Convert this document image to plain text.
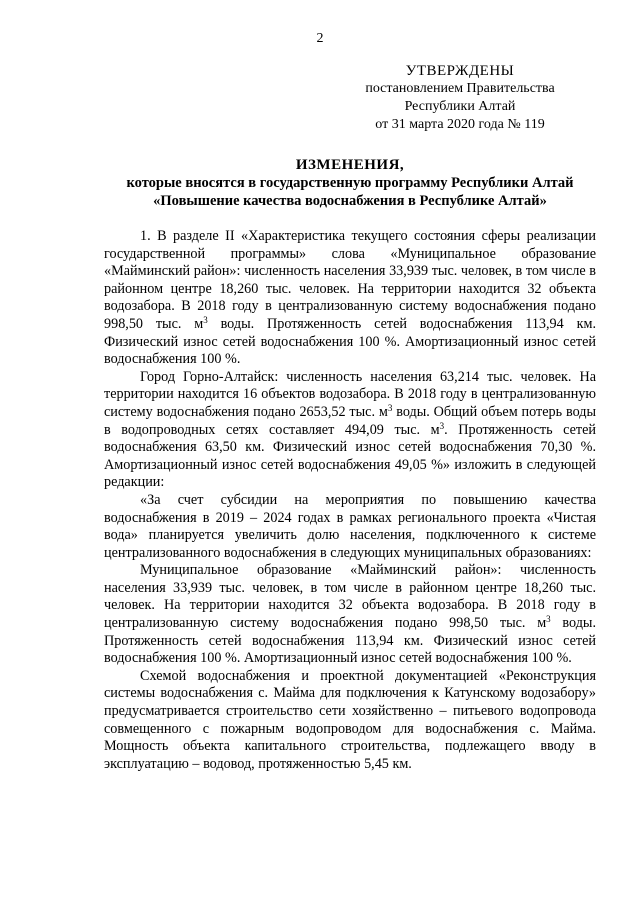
2
УТВЕРЖДЕНЫ
постановлением Правительства
Республики Алтай
от 31 марта 2020 года № 119
ИЗМЕНЕНИЯ,
которые вносятся в государственную программу Республики Алтай
«Повышение качества водоснабжения в Республике Алтай»

1. В разделе II «Характеристика текущего состояния сферы реализации государственной программы» слова «Муниципальное образование «Майминский район»: численность населения 33,939 тыс. человек, в том числе в районном центре 18,260 тыс. человек. На территории находится 32 объекта водозабора. В 2018 году в централизованную систему водоснабжения подано 998,50 тыс. $м^3$ воды. Протяженность сетей водоснабжения 113,94 км. Физический износ сетей водоснабжения 100 %. Амортизационный износ сетей водоснабжения 100 %.

Город Горно-Алтайск: численность населения 63,214 тыс. человек. На территории находится 16 объектов водозабора. В 2018 году в централизованную систему водоснабжения подано 2653,52 тыс. $м^3$ воды. Общий объем потерь воды в водопроводных сетях составляет 494,09 тыс. $м^3$. Протяженность сетей водоснабжения 63,50 км. Физический износ сетей водоснабжения 70,30 %. Амортизационный износ сетей водоснабжения 49,05 %» изложить в следующей редакции:

«За счет субсидии на мероприятия по повышению качества водоснабжения в 2019 – 2024 годах в рамках регионального проекта «Чистая вода» планируется увеличить долю населения, подключенного к системе централизованного водоснабжения в следующих муниципальных образованиях:

Муниципальное образование «Майминский район»: численность населения 33,939 тыс. человек, в том числе в районном центре 18,260 тыс. человек. На территории находится 32 объекта водозабора. В 2018 году в централизованную систему водоснабжения подано 998,50 тыс. $м^3$ воды. Протяженность сетей водоснабжения 113,94 км. Физический износ сетей водоснабжения 100 %. Амортизационный износ сетей водоснабжения 100 %.

Схемой водоснабжения и проектной документацией «Реконструкция системы водоснабжения с. Майма для подключения к Катунскому водозабору» предусматривается строительство сети хозяйственно – питьевого водопровода совмещенного с пожарным водопроводом для водоснабжения с. Майма. Мощность объекта капитального строительства, подлежащего вводу в эксплуатацию – водовод, протяженностью 5,45 км.
